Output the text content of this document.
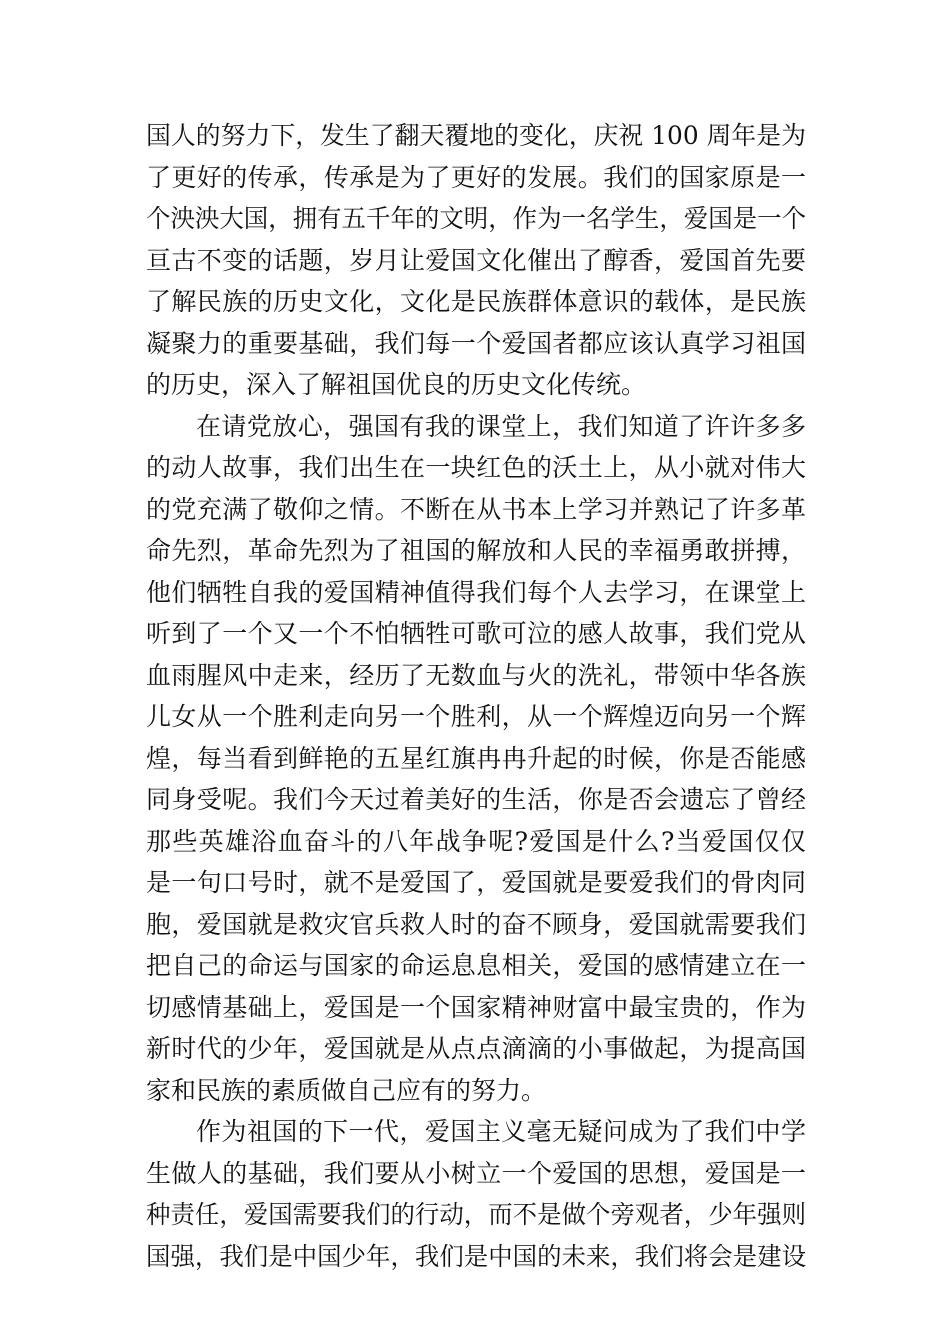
国人的努力下，发生了翻天覆地的变化，庆祝 100 周年是为
了更好的传承，传承是为了更好的发展。我们的国家原是一
个泱泱大国，拥有五千年的文明，作为一名学生，爱国是一个
亘古不变的话题，岁月让爱国文化催出了醇香，爱国首先要
了解民族的历史文化，文化是民族群体意识的载体，是民族
凝聚力的重要基础，我们每一个爱国者都应该认真学习祖国
的历史，深入了解祖国优良的历史文化传统。
在请党放心，强国有我的课堂上，我们知道了许许多多
的动人故事，我们出生在一块红色的沃土上，从小就对伟大
的党充满了敬仰之情。不断在从书本上学习并熟记了许多革
命先烈，革命先烈为了祖国的解放和人民的幸福勇敢拼搏，
他们牺牲自我的爱国精神值得我们每个人去学习，在课堂上
听到了一个又一个不怕牺牲可歌可泣的感人故事，我们党从
血雨腥风中走来，经历了无数血与火的洗礼，带领中华各族
儿女从一个胜利走向另一个胜利，从一个辉煌迈向另一个辉
煌，每当看到鲜艳的五星红旗冉冉升起的时候，你是否能感
同身受呢。我们今天过着美好的生活，你是否会遗忘了曾经
那些英雄浴血奋斗的八年战争呢?爱国是什么?当爱国仅仅
是一句口号时，就不是爱国了，爱国就是要爱我们的骨肉同
胞，爱国就是救灾官兵救人时的奋不顾身，爱国就需要我们
把自己的命运与国家的命运息息相关，爱国的感情建立在一
切感情基础上，爱国是一个国家精神财富中最宝贵的，作为
新时代的少年，爱国就是从点点滴滴的小事做起，为提高国
家和民族的素质做自己应有的努力。
作为祖国的下一代，爱国主义毫无疑问成为了我们中学
生做人的基础，我们要从小树立一个爱国的思想，爱国是一
种责任，爱国需要我们的行动，而不是做个旁观者，少年强则
国强，我们是中国少年，我们是中国的未来，我们将会是建设
